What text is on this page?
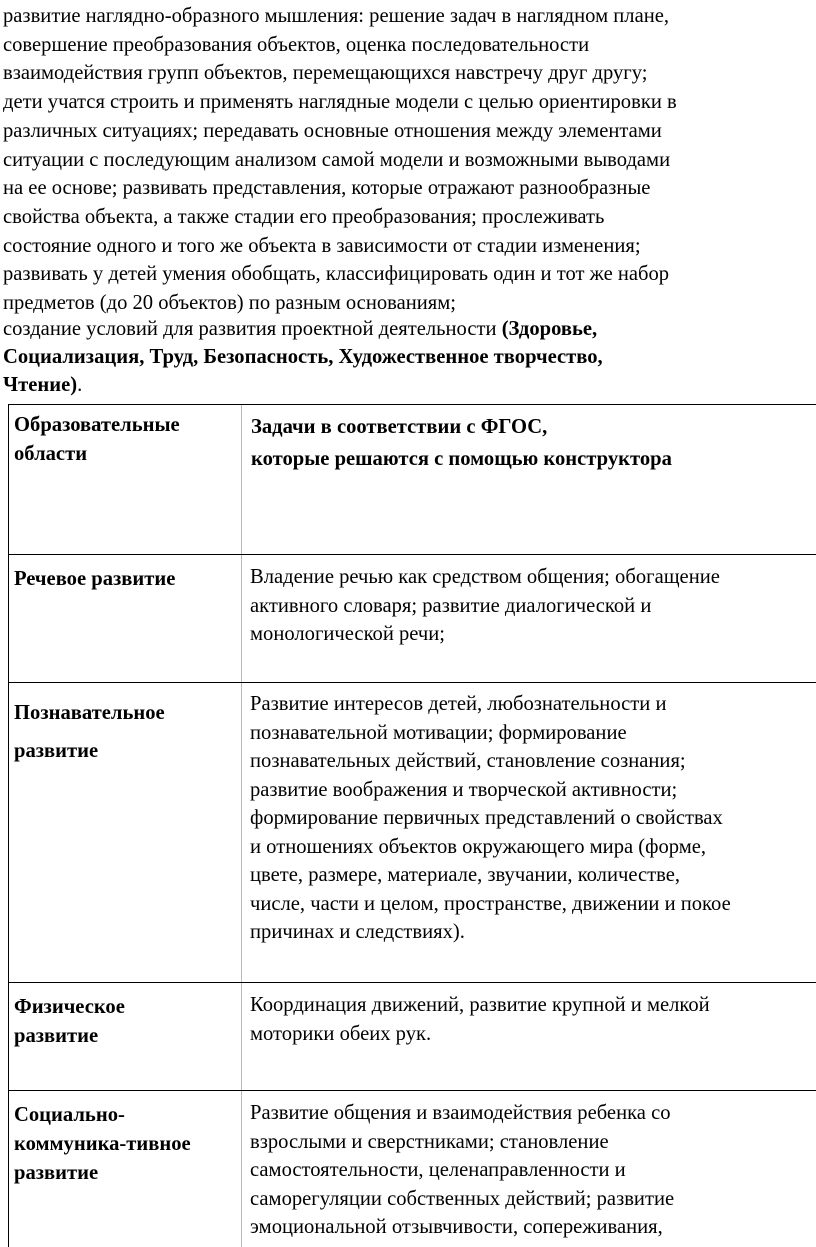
развитие наглядно-образного мышления: решение задач в наглядном плане,
совершение преобразования объектов, оценка последовательности
взаимодействия групп объектов, перемещающихся навстречу друг другу;
дети учатся строить и применять наглядные модели с целью ориентировки в
различных ситуациях; передавать основные отношения между элементами
ситуации с последующим анализом самой модели и возможными выводами
на ее основе; развивать представления, которые отражают разнообразные
свойства объекта, а также стадии его преобразования; прослеживать
состояние одного и того же объекта в зависимости от стадии изменения;
развивать у детей умения обобщать, классифицировать один и тот же набор
предметов (до 20 объектов) по разным основаниям;

создание условий для развития проектной деятельности (Здоровье,
Социализация, Труд, Безопасность, Художественное творчество,
Чтение).

Образовательные
области
Задачи в соответствии с ФГОС,
которые решаются с помощью конструктора
Речевое развитие	Владение речью как средством общения; обогащение
активного словаря; развитие диалогической и
монологической речи;
Познавательное
развитие
Развитие интересов детей, любознательности и
познавательной мотивации; формирование
познавательных действий, становление сознания;
развитие воображения и творческой активности;
формирование первичных представлений о свойствах
и отношениях объектов окружающего мира (форме,
цвете, размере, материале, звучании, количестве,
числе, части и целом, пространстве, движении и покое
причинах и следствиях).
Физическое
развитие
Координация движений, развитие крупной и мелкой
моторики обеих рук.
Социально-
коммуника-тивное
развитие
Развитие общения и взаимодействия ребенка со
взрослыми и сверстниками; становление
самостоятельности, целенаправленности и
саморегуляции собственных действий; развитие
эмоциональной отзывчивости, сопереживания,
